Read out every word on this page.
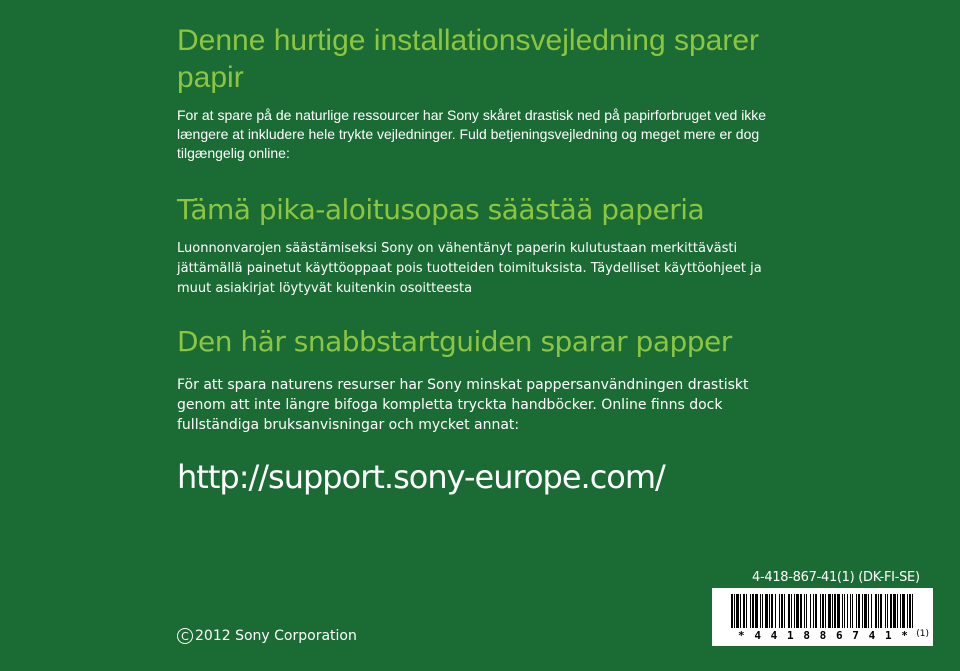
Denne hurtige installationsvejledning sparer papir

For at spare på de naturlige ressourcer har Sony skåret drastisk ned på papirforbruget ved ikke længere at inkludere hele trykte vejledninger. Fuld betjeningsvejledning og meget mere er dog tilgængelig online:

Tämä pika-aloitusopas säästää paperia

Luonnonvarojen säästämiseksi Sony on vähentänyt paperin kulutustaan merkittävästi jättämällä painetut käyttöoppaat pois tuotteiden toimituksista. Täydelliset käyttöohjeet ja muut asiakirjat löytyvät kuitenkin osoitteesta

Den här snabbstartguiden sparar papper

För att spara naturens resurser har Sony minskat pappersanvändningen drastiskt genom att inte längre bifoga kompletta tryckta handböcker. Online finns dock fullständiga bruksanvisningar och mycket annat:

http://support.sony-europe.com/
4-418-867-41(1) (DK-FI-SE)
* 4 4 1 8 8 6 7 4 1 * (1)
C 2012 Sony Corporation
